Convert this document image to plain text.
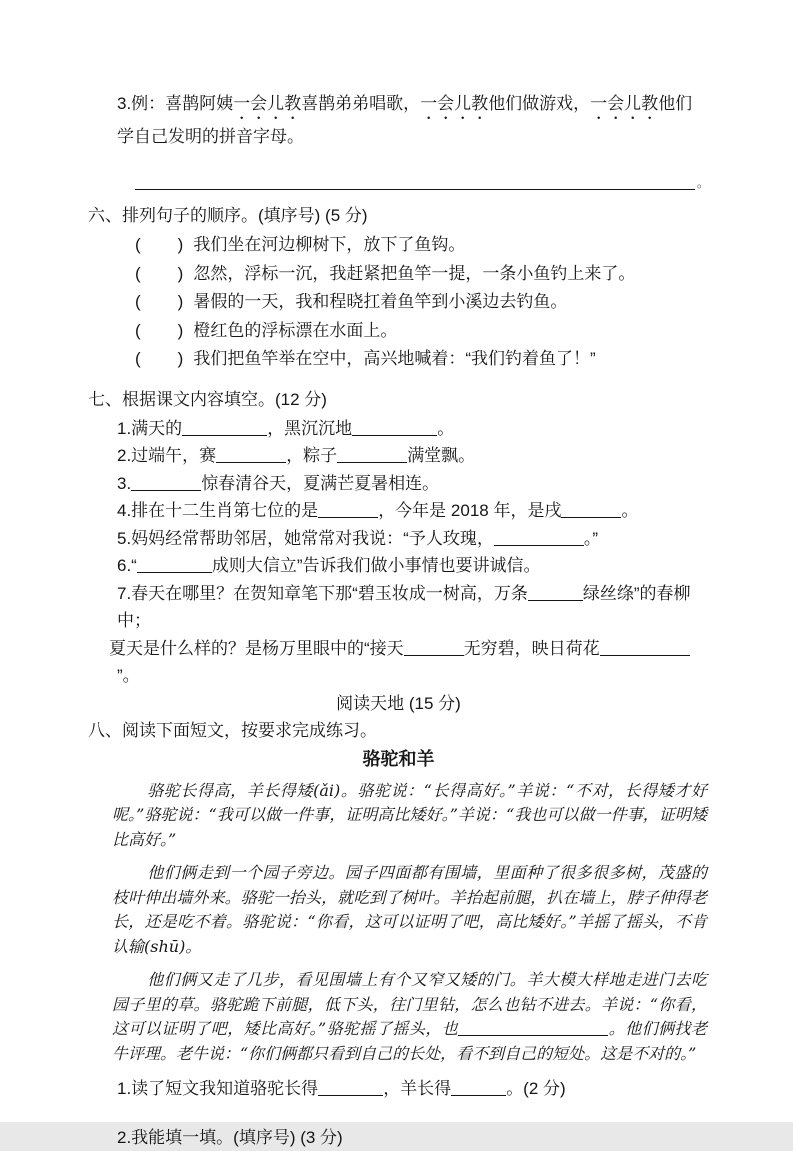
3.例：喜鹊阿姨一会儿教喜鹊弟弟唱歌，一会儿教他们做游戏，一会儿教他们学自己发明的拼音字母。
。
六、排列句子的顺序。(填序号) (5 分)
(　　) 我们坐在河边柳树下，放下了鱼钩。
(　　) 忽然，浮标一沉，我赶紧把鱼竿一提，一条小鱼钓上来了。
(　　) 暑假的一天，我和程晓扛着鱼竿到小溪边去钓鱼。
(　　) 橙红色的浮标漂在水面上。
(　　) 我们把鱼竿举在空中，高兴地喊着：“我们钓着鱼了！”
七、根据课文内容填空。(12 分)
1.满天的	，黑沉沉地	。
2.过端午，赛	，粽子	满堂飘。
3.	惊春清谷天，夏满芒夏暑相连。
4.排在十二生肖第七位的是	，今年是 2018 年，是戌	。
5.妈妈经常帮助邻居，她常常对我说：“予人玫瑰，	。”
6.“	成则大信立”告诉我们做小事情也要讲诚信。
7.春天在哪里？在贺知章笔下那“碧玉妆成一树高，万条	绿丝绦”的春柳中；
夏天是什么样的？是杨万里眼中的“接天	无穷碧，映日荷花”。
阅读天地 (15 分)
八、阅读下面短文，按要求完成练习。
骆驼和羊

骆驼长得高，羊长得矮(ǎi)。骆驼说：“长得高好。”羊说：“不对，长得矮才好呢。”骆驼说：“我可以做一件事，证明高比矮好。”羊说：“我也可以做一件事，证明矮比高好。”

他们俩走到一个园子旁边。园子四面都有围墙，里面种了很多很多树，茂盛的枝叶伸出墙外来。骆驼一抬头，就吃到了树叶。羊抬起前腿，扒在墙上，脖子伸得老长，还是吃不着。骆驼说：“你看，这可以证明了吧，高比矮好。”羊摇了摇头，不肯认输(shū)。

他们俩又走了几步，看见围墙上有个又窄又矮的门。羊大模大样地走进门去吃园子里的草。骆驼跪下前腿，低下头，往门里钻，怎么也钻不进去。羊说：“你看，这可以证明了吧，矮比高好。”骆驼摇了摇头，也	。他们俩找老牛评理。老牛说：“你们俩都只看到自己的长处，看不到自己的短处。这是不对的。”

1.读了短文我知道骆驼长得	，羊长得	。(2 分)
2.我能填一填。(填序号) (3 分)
